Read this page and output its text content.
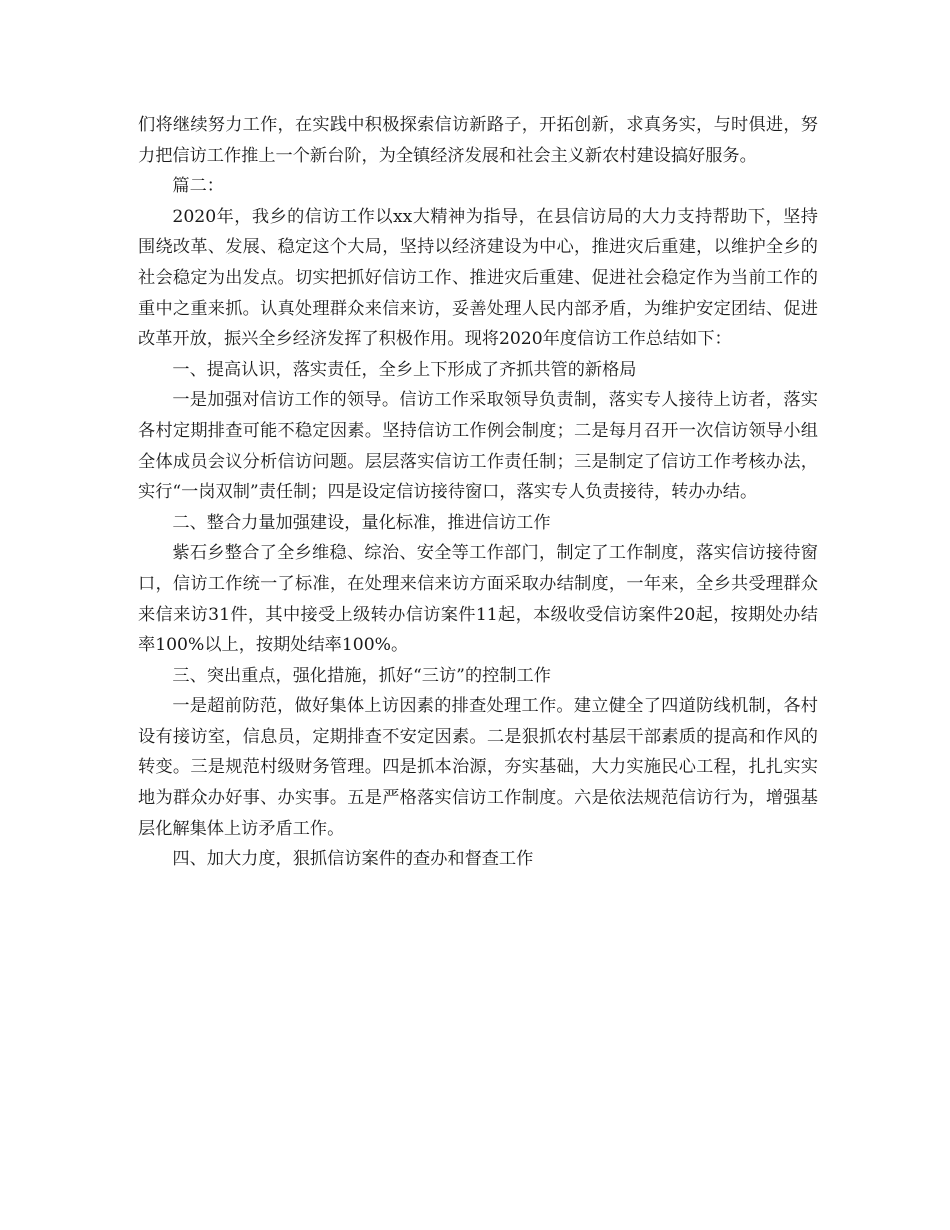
们将继续努力工作，在实践中积极探索信访新路子，开拓创新，求真务实，与时俱进，努力把信访工作推上一个新台阶，为全镇经济发展和社会主义新农村建设搞好服务。

篇二：

2020年，我乡的信访工作以xx大精神为指导，在县信访局的大力支持帮助下，坚持围绕改革、发展、稳定这个大局，坚持以经济建设为中心，推进灾后重建，以维护全乡的社会稳定为出发点。切实把抓好信访工作、推进灾后重建、促进社会稳定作为当前工作的重中之重来抓。认真处理群众来信来访，妥善处理人民内部矛盾，为维护安定团结、促进改革开放，振兴全乡经济发挥了积极作用。现将2020年度信访工作总结如下：

一、提高认识，落实责任，全乡上下形成了齐抓共管的新格局

一是加强对信访工作的领导。信访工作采取领导负责制，落实专人接待上访者，落实各村定期排查可能不稳定因素。坚持信访工作例会制度；二是每月召开一次信访领导小组全体成员会议分析信访问题。层层落实信访工作责任制；三是制定了信访工作考核办法，实行“一岗双制”责任制；四是设定信访接待窗口，落实专人负责接待，转办办结。

二、整合力量加强建设，量化标准，推进信访工作

紫石乡整合了全乡维稳、综治、安全等工作部门，制定了工作制度，落实信访接待窗口，信访工作统一了标准，在处理来信来访方面采取办结制度，一年来，全乡共受理群众来信来访31件，其中接受上级转办信访案件11起，本级收受信访案件20起，按期处办结率100%以上，按期处结率100%。

三、突出重点，强化措施，抓好“三访”的控制工作

一是超前防范，做好集体上访因素的排查处理工作。建立健全了四道防线机制，各村设有接访室，信息员，定期排查不安定因素。二是狠抓农村基层干部素质的提高和作风的转变。三是规范村级财务管理。四是抓本治源，夯实基础，大力实施民心工程，扎扎实实地为群众办好事、办实事。五是严格落实信访工作制度。六是依法规范信访行为，增强基层化解集体上访矛盾工作。

四、加大力度，狠抓信访案件的查办和督查工作
